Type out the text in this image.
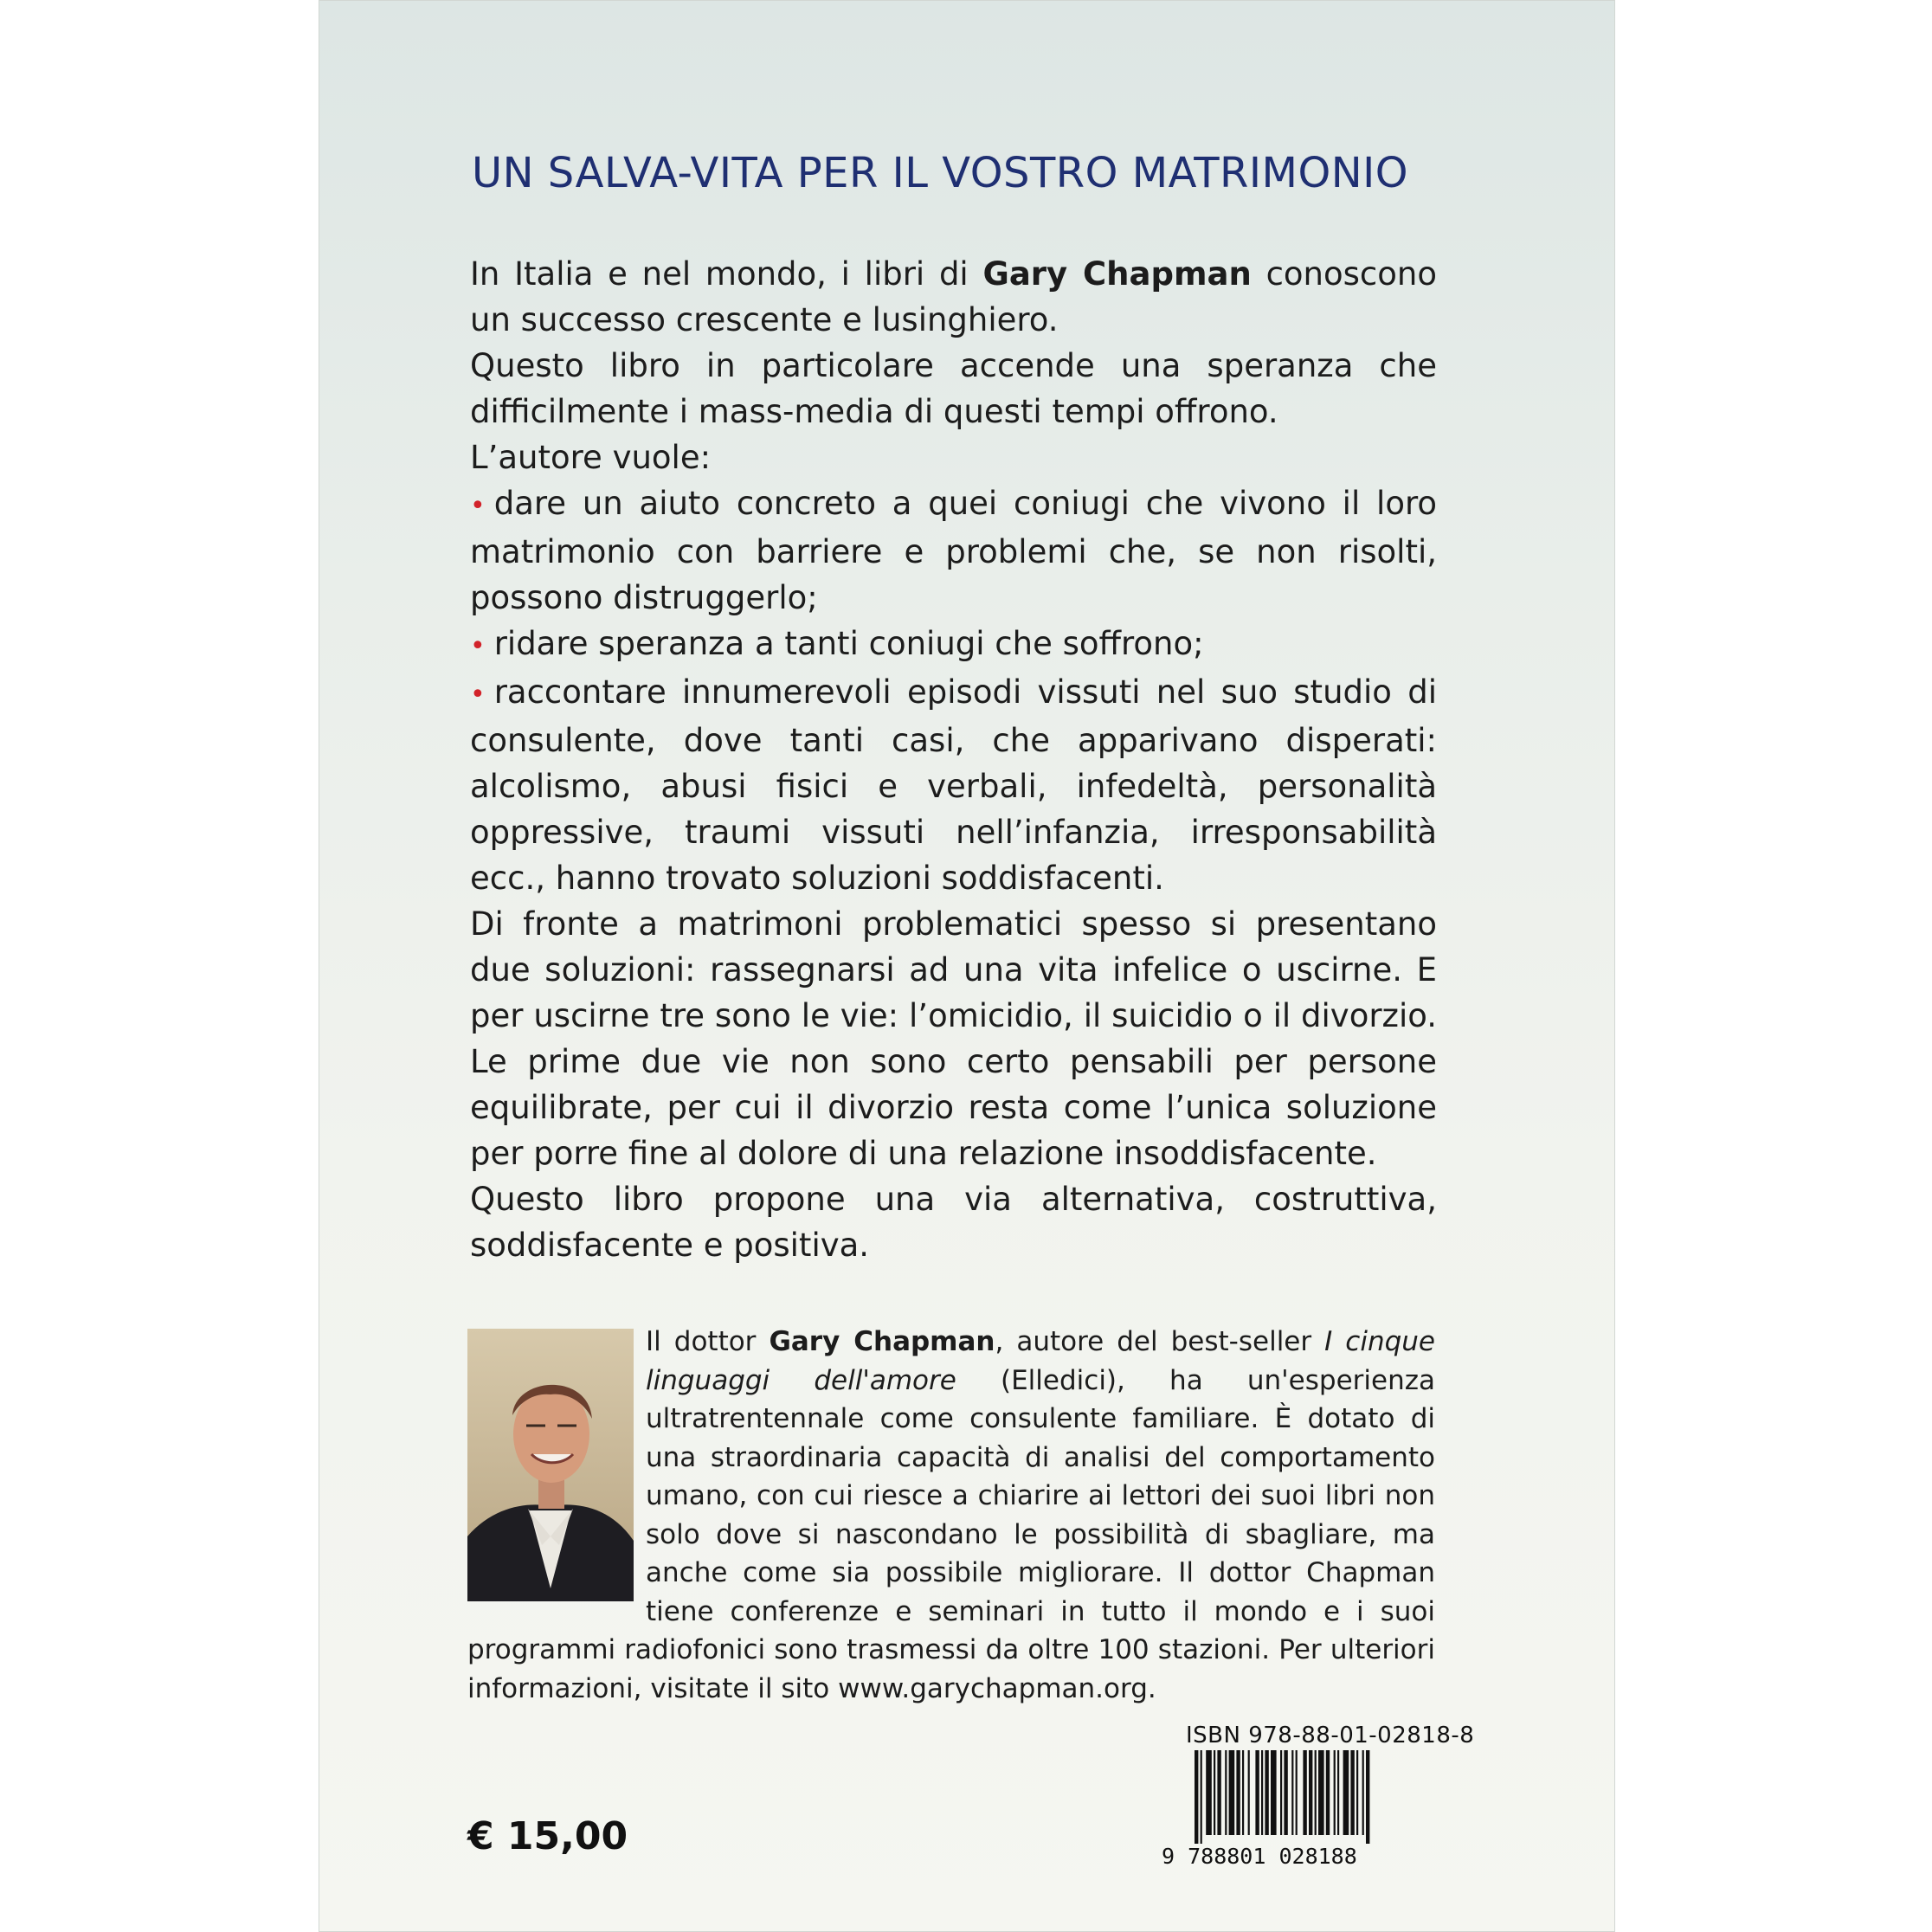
UN SALVA-VITA PER IL VOSTRO MATRIMONIO

In Italia e nel mondo, i libri di Gary Chapman conoscono un successo crescente e lusinghiero.

Questo libro in particolare accende una speranza che difficilmente i mass-media di questi tempi offrono.

L’autore vuole:

• dare un aiuto concreto a quei coniugi che vivono il loro matrimonio con barriere e problemi che, se non risolti, possono distruggerlo;

• ridare speranza a tanti coniugi che soffrono;

• raccontare innumerevoli episodi vissuti nel suo studio di consulente, dove tanti casi, che apparivano disperati: alcolismo, abusi fisici e verbali, infedeltà, personalità oppressive, traumi vissuti nell’infanzia, irresponsabilità ecc., hanno trovato soluzioni soddisfacenti.

Di fronte a matrimoni problematici spesso si presentano due soluzioni: rassegnarsi ad una vita infelice o uscirne. E per uscirne tre sono le vie: l’omicidio, il suicidio o il divorzio. Le prime due vie non sono certo pensabili per persone equilibrate, per cui il divorzio resta come l’unica soluzione per porre fine al dolore di una relazione insoddisfacente.

Questo libro propone una via alternativa, costruttiva, soddisfacente e positiva.

Il dottor Gary Chapman, autore del best-seller I cinque linguaggi dell'amore (Elledici), ha un'esperienza ultratrentennale come consulente familiare. È dotato di una straordinaria capacità di analisi del comportamento umano, con cui riesce a chiarire ai lettori dei suoi libri non solo dove si nascondano le possibilità di sbagliare, ma anche come sia possibile migliorare. Il dottor Chapman tiene conferenze e seminari in tutto il mondo e i suoi programmi radiofonici sono trasmessi da oltre 100 stazioni. Per ulteriori informazioni, visitate il sito www.garychapman.org.
ISBN 978-88-01-02818-8
9 788801 028188
€ 15,00
